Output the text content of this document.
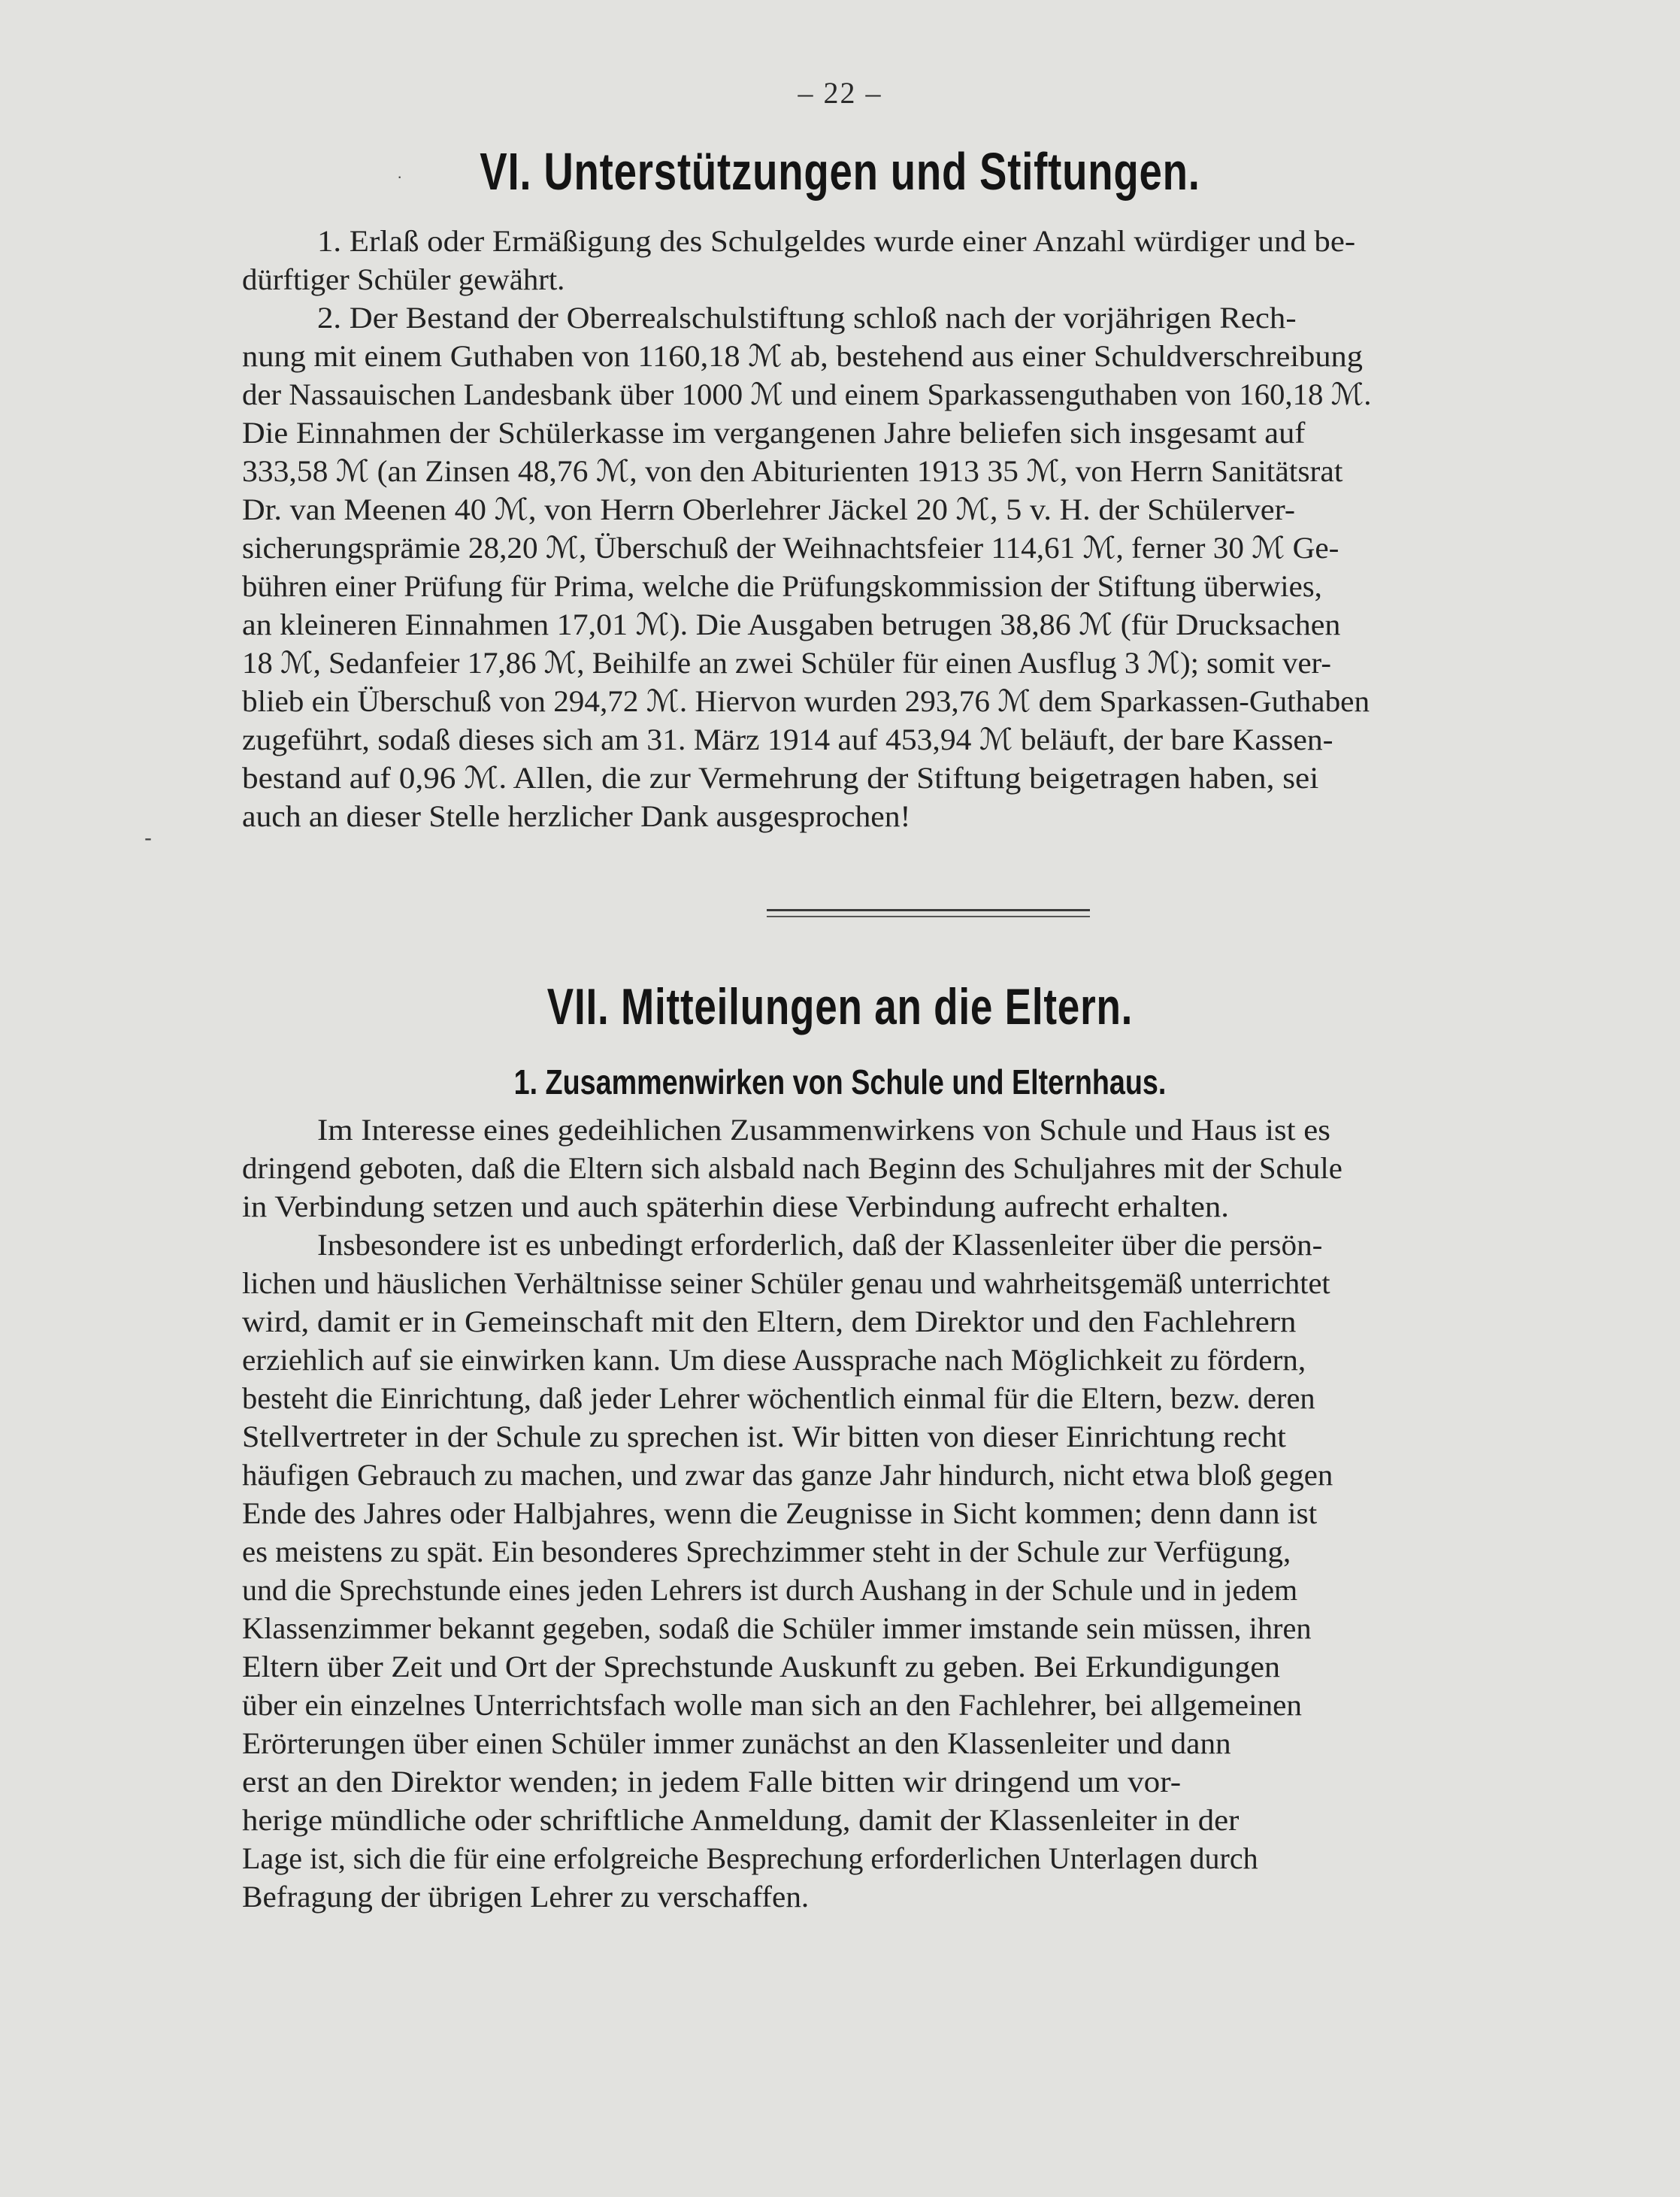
– 22 –
·
-
VI. Unterstützungen und Stiftungen.
1. Erlaß oder Ermäßigung des Schulgeldes wurde einer Anzahl würdiger und be-
dürftiger Schüler gewährt.
2. Der Bestand der Oberrealschulstiftung schloß nach der vorjährigen Rech-
nung mit einem Guthaben von 1160,18 ℳ ab, bestehend aus einer Schuldverschreibung
der Nassauischen Landesbank über 1000 ℳ und einem Sparkassenguthaben von 160,18 ℳ.
Die Einnahmen der Schülerkasse im vergangenen Jahre beliefen sich insgesamt auf
333,58 ℳ (an Zinsen 48,76 ℳ, von den Abiturienten 1913 35 ℳ, von Herrn Sanitätsrat
Dr. van Meenen 40 ℳ, von Herrn Oberlehrer Jäckel 20 ℳ, 5 v. H. der Schülerver-
sicherungsprämie 28,20 ℳ, Überschuß der Weihnachtsfeier 114,61 ℳ, ferner 30 ℳ Ge-
bühren einer Prüfung für Prima, welche die Prüfungskommission der Stiftung überwies,
an kleineren Einnahmen 17,01 ℳ). Die Ausgaben betrugen 38,86 ℳ (für Drucksachen
18 ℳ, Sedanfeier 17,86 ℳ, Beihilfe an zwei Schüler für einen Ausflug 3 ℳ); somit ver-
blieb ein Überschuß von 294,72 ℳ. Hiervon wurden 293,76 ℳ dem Sparkassen-Guthaben
zugeführt, sodaß dieses sich am 31. März 1914 auf 453,94 ℳ beläuft, der bare Kassen-
bestand auf 0,96 ℳ. Allen, die zur Vermehrung der Stiftung beigetragen haben, sei
auch an dieser Stelle herzlicher Dank ausgesprochen!
VII. Mitteilungen an die Eltern.
1. Zusammenwirken von Schule und Elternhaus.
Im Interesse eines gedeihlichen Zusammenwirkens von Schule und Haus ist es
dringend geboten, daß die Eltern sich alsbald nach Beginn des Schuljahres mit der Schule
in Verbindung setzen und auch späterhin diese Verbindung aufrecht erhalten.
Insbesondere ist es unbedingt erforderlich, daß der Klassenleiter über die persön-
lichen und häuslichen Verhältnisse seiner Schüler genau und wahrheitsgemäß unterrichtet
wird, damit er in Gemeinschaft mit den Eltern, dem Direktor und den Fachlehrern
erziehlich auf sie einwirken kann. Um diese Aussprache nach Möglichkeit zu fördern,
besteht die Einrichtung, daß jeder Lehrer wöchentlich einmal für die Eltern, bezw. deren
Stellvertreter in der Schule zu sprechen ist. Wir bitten von dieser Einrichtung recht
häufigen Gebrauch zu machen, und zwar das ganze Jahr hindurch, nicht etwa bloß gegen
Ende des Jahres oder Halbjahres, wenn die Zeugnisse in Sicht kommen; denn dann ist
es meistens zu spät. Ein besonderes Sprechzimmer steht in der Schule zur Verfügung,
und die Sprechstunde eines jeden Lehrers ist durch Aushang in der Schule und in jedem
Klassenzimmer bekannt gegeben, sodaß die Schüler immer imstande sein müssen, ihren
Eltern über Zeit und Ort der Sprechstunde Auskunft zu geben. Bei Erkundigungen
über ein einzelnes Unterrichtsfach wolle man sich an den Fachlehrer, bei allgemeinen
Erörterungen über einen Schüler immer zunächst an den Klassenleiter und dann
erst an den Direktor wenden; in jedem Falle bitten wir dringend um vor-
herige mündliche oder schriftliche Anmeldung, damit der Klassenleiter in der
Lage ist, sich die für eine erfolgreiche Besprechung erforderlichen Unterlagen durch
Befragung der übrigen Lehrer zu verschaffen.
